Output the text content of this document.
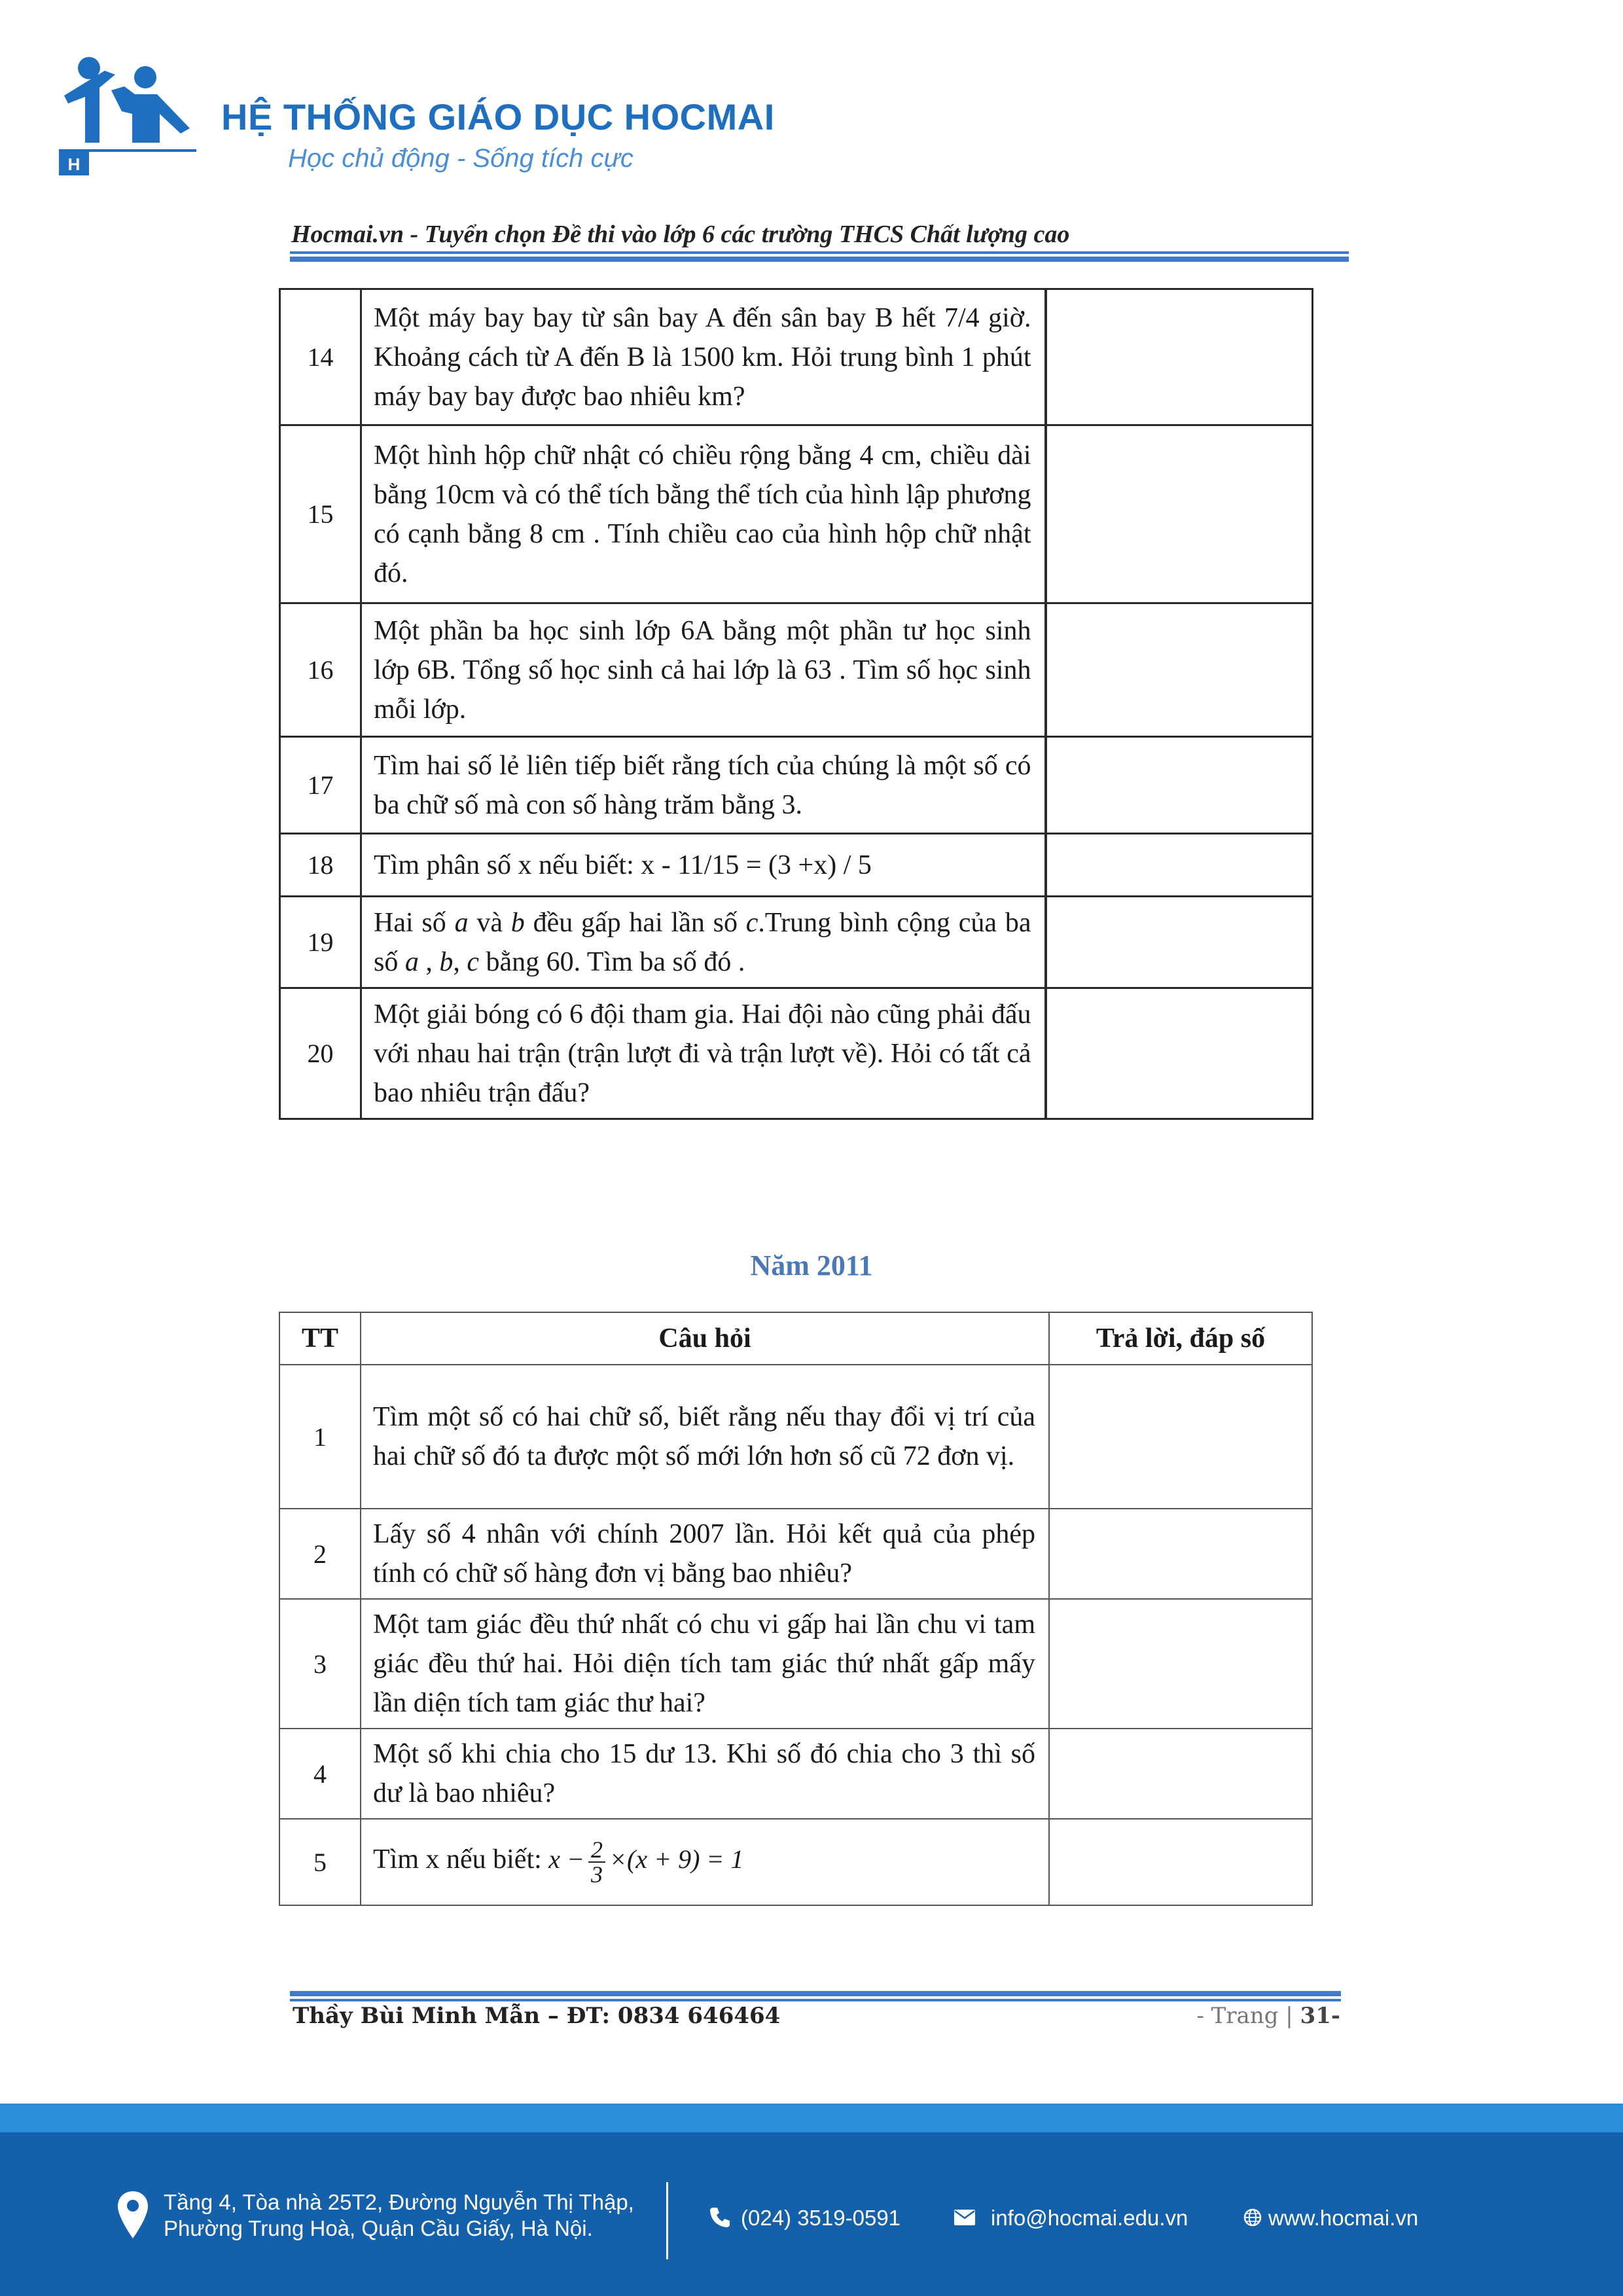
H
HỆ THỐNG GIÁO DỤC HOCMAI
Học chủ động - Sống tích cực
Hocmai.vn - Tuyển chọn Đề thi vào lớp 6 các trường THCS Chất lượng cao
14	Một máy bay bay từ sân bay A đến sân bay B hết 7/4 giờ. Khoảng cách từ A đến B là 1500 km. Hỏi trung bình 1 phút máy bay bay được bao nhiêu km?	
15	Một hình hộp chữ nhật có chiều rộng bằng 4 cm, chiều dài bằng 10cm và có thể tích bằng thể tích của hình lập phương có cạnh bằng 8 cm . Tính chiều cao của hình hộp chữ nhật đó.	
16	Một phần ba học sinh lớp 6A bằng một phần tư học sinh lớp 6B. Tổng số học sinh cả hai lớp là 63 . Tìm số học sinh mỗi lớp.	
17	Tìm hai số lẻ liên tiếp biết rằng tích của chúng là một số có ba chữ số mà con số hàng trăm bằng 3.	
18	Tìm phân số x nếu biết: x - 11/15 = (3 +x) / 5	
19	Hai số a và b đều gấp hai lần số c.Trung bình cộng của ba số a , b, c bằng 60. Tìm ba số đó .	
20	Một giải bóng có 6 đội tham gia. Hai đội nào cũng phải đấu với nhau hai trận (trận lượt đi và trận lượt về). Hỏi có tất cả bao nhiêu trận đấu?	
Năm 2011
TT	Câu hỏi	Trả lời, đáp số
1	Tìm một số có hai chữ số, biết rằng nếu thay đổi vị trí của hai chữ số đó ta được một số mới lớn hơn số cũ 72 đơn vị.	
2	Lấy số 4 nhân với chính 2007 lần. Hỏi kết quả của phép tính có chữ số hàng đơn vị bằng bao nhiêu?	
3	Một tam giác đều thứ nhất có chu vi gấp hai lần chu vi tam giác đều thứ hai. Hỏi diện tích tam giác thứ nhất gấp mấy lần diện tích tam giác thư hai?	
4	Một số khi chia cho 15 dư 13. Khi số đó chia cho 3 thì số dư là bao nhiêu?	
5	Tìm x nếu biết: $x - \frac{2}{3} \times(x + 9) = 1$	
Thầy Bùi Minh Mẫn – ĐT: 0834 646464	- Trang | 31-
Tầng 4, Tòa nhà 25T2, Đường Nguyễn Thị Thập,
Phường Trung Hoà, Quận Cầu Giấy, Hà Nội.	(024) 3519-0591	info@hocmai.edu.vn	www.hocmai.vn
